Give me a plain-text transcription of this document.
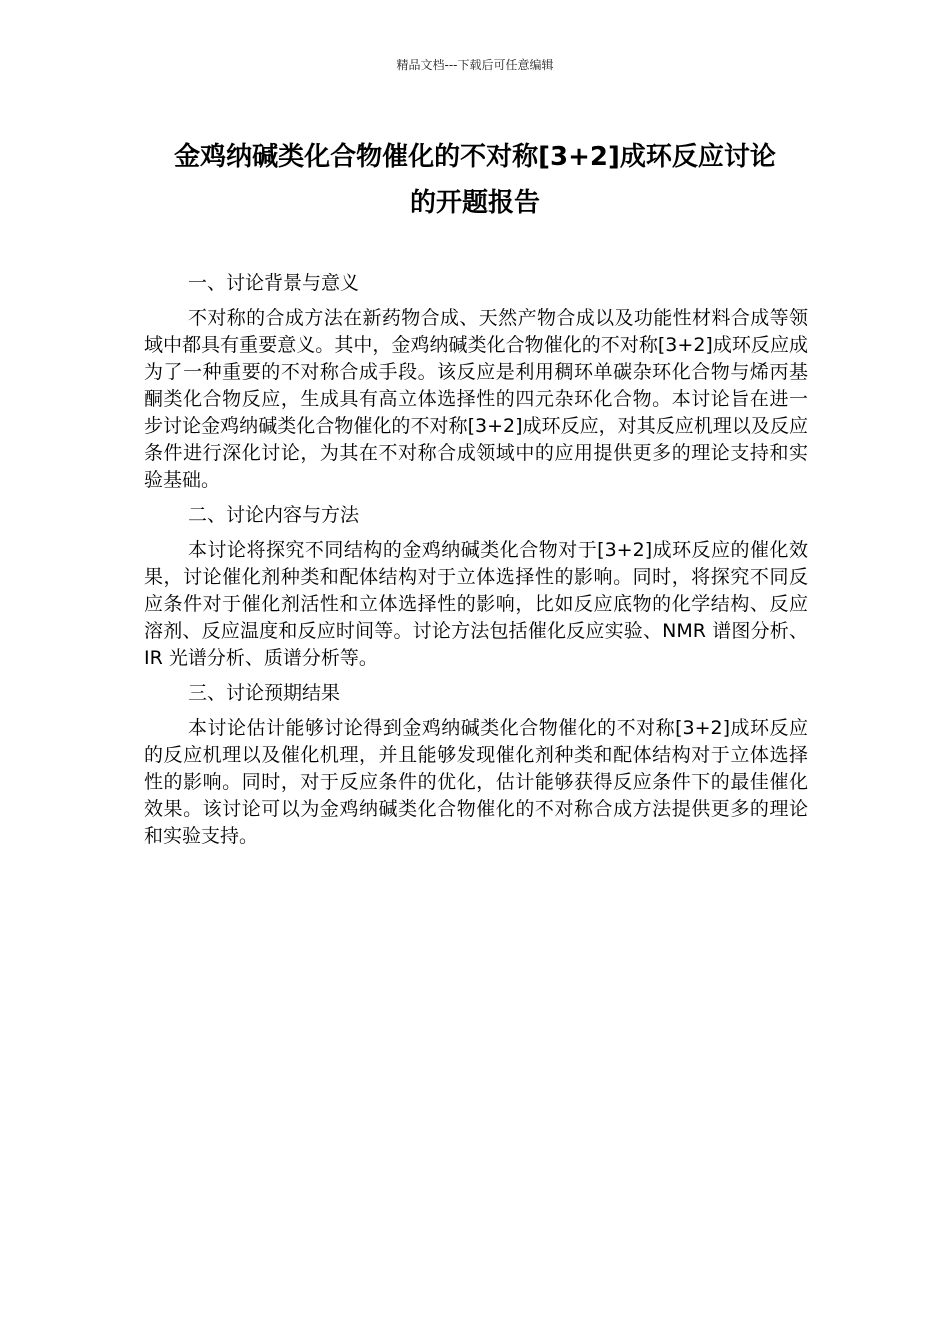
精品文档---下载后可任意编辑
金鸡纳碱类化合物催化的不对称[3+2]成环反应讨论
的开题报告

一、讨论背景与意义

不对称的合成方法在新药物合成、天然产物合成以及功能性材料合成等领域中都具有重要意义。其中，金鸡纳碱类化合物催化的不对称[3+2]成环反应成为了一种重要的不对称合成手段。该反应是利用稠环单碳杂环化合物与烯丙基酮类化合物反应，生成具有高立体选择性的四元杂环化合物。本讨论旨在进一步讨论金鸡纳碱类化合物催化的不对称[3+2]成环反应，对其反应机理以及反应条件进行深化讨论，为其在不对称合成领域中的应用提供更多的理论支持和实验基础。

二、讨论内容与方法

本讨论将探究不同结构的金鸡纳碱类化合物对于[3+2]成环反应的催化效果，讨论催化剂种类和配体结构对于立体选择性的影响。同时，将探究不同反应条件对于催化剂活性和立体选择性的影响，比如反应底物的化学结构、反应溶剂、反应温度和反应时间等。讨论方法包括催化反应实验、NMR 谱图分析、IR 光谱分析、质谱分析等。

三、讨论预期结果

本讨论估计能够讨论得到金鸡纳碱类化合物催化的不对称[3+2]成环反应的反应机理以及催化机理，并且能够发现催化剂种类和配体结构对于立体选择性的影响。同时，对于反应条件的优化，估计能够获得反应条件下的最佳催化效果。该讨论可以为金鸡纳碱类化合物催化的不对称合成方法提供更多的理论和实验支持。
